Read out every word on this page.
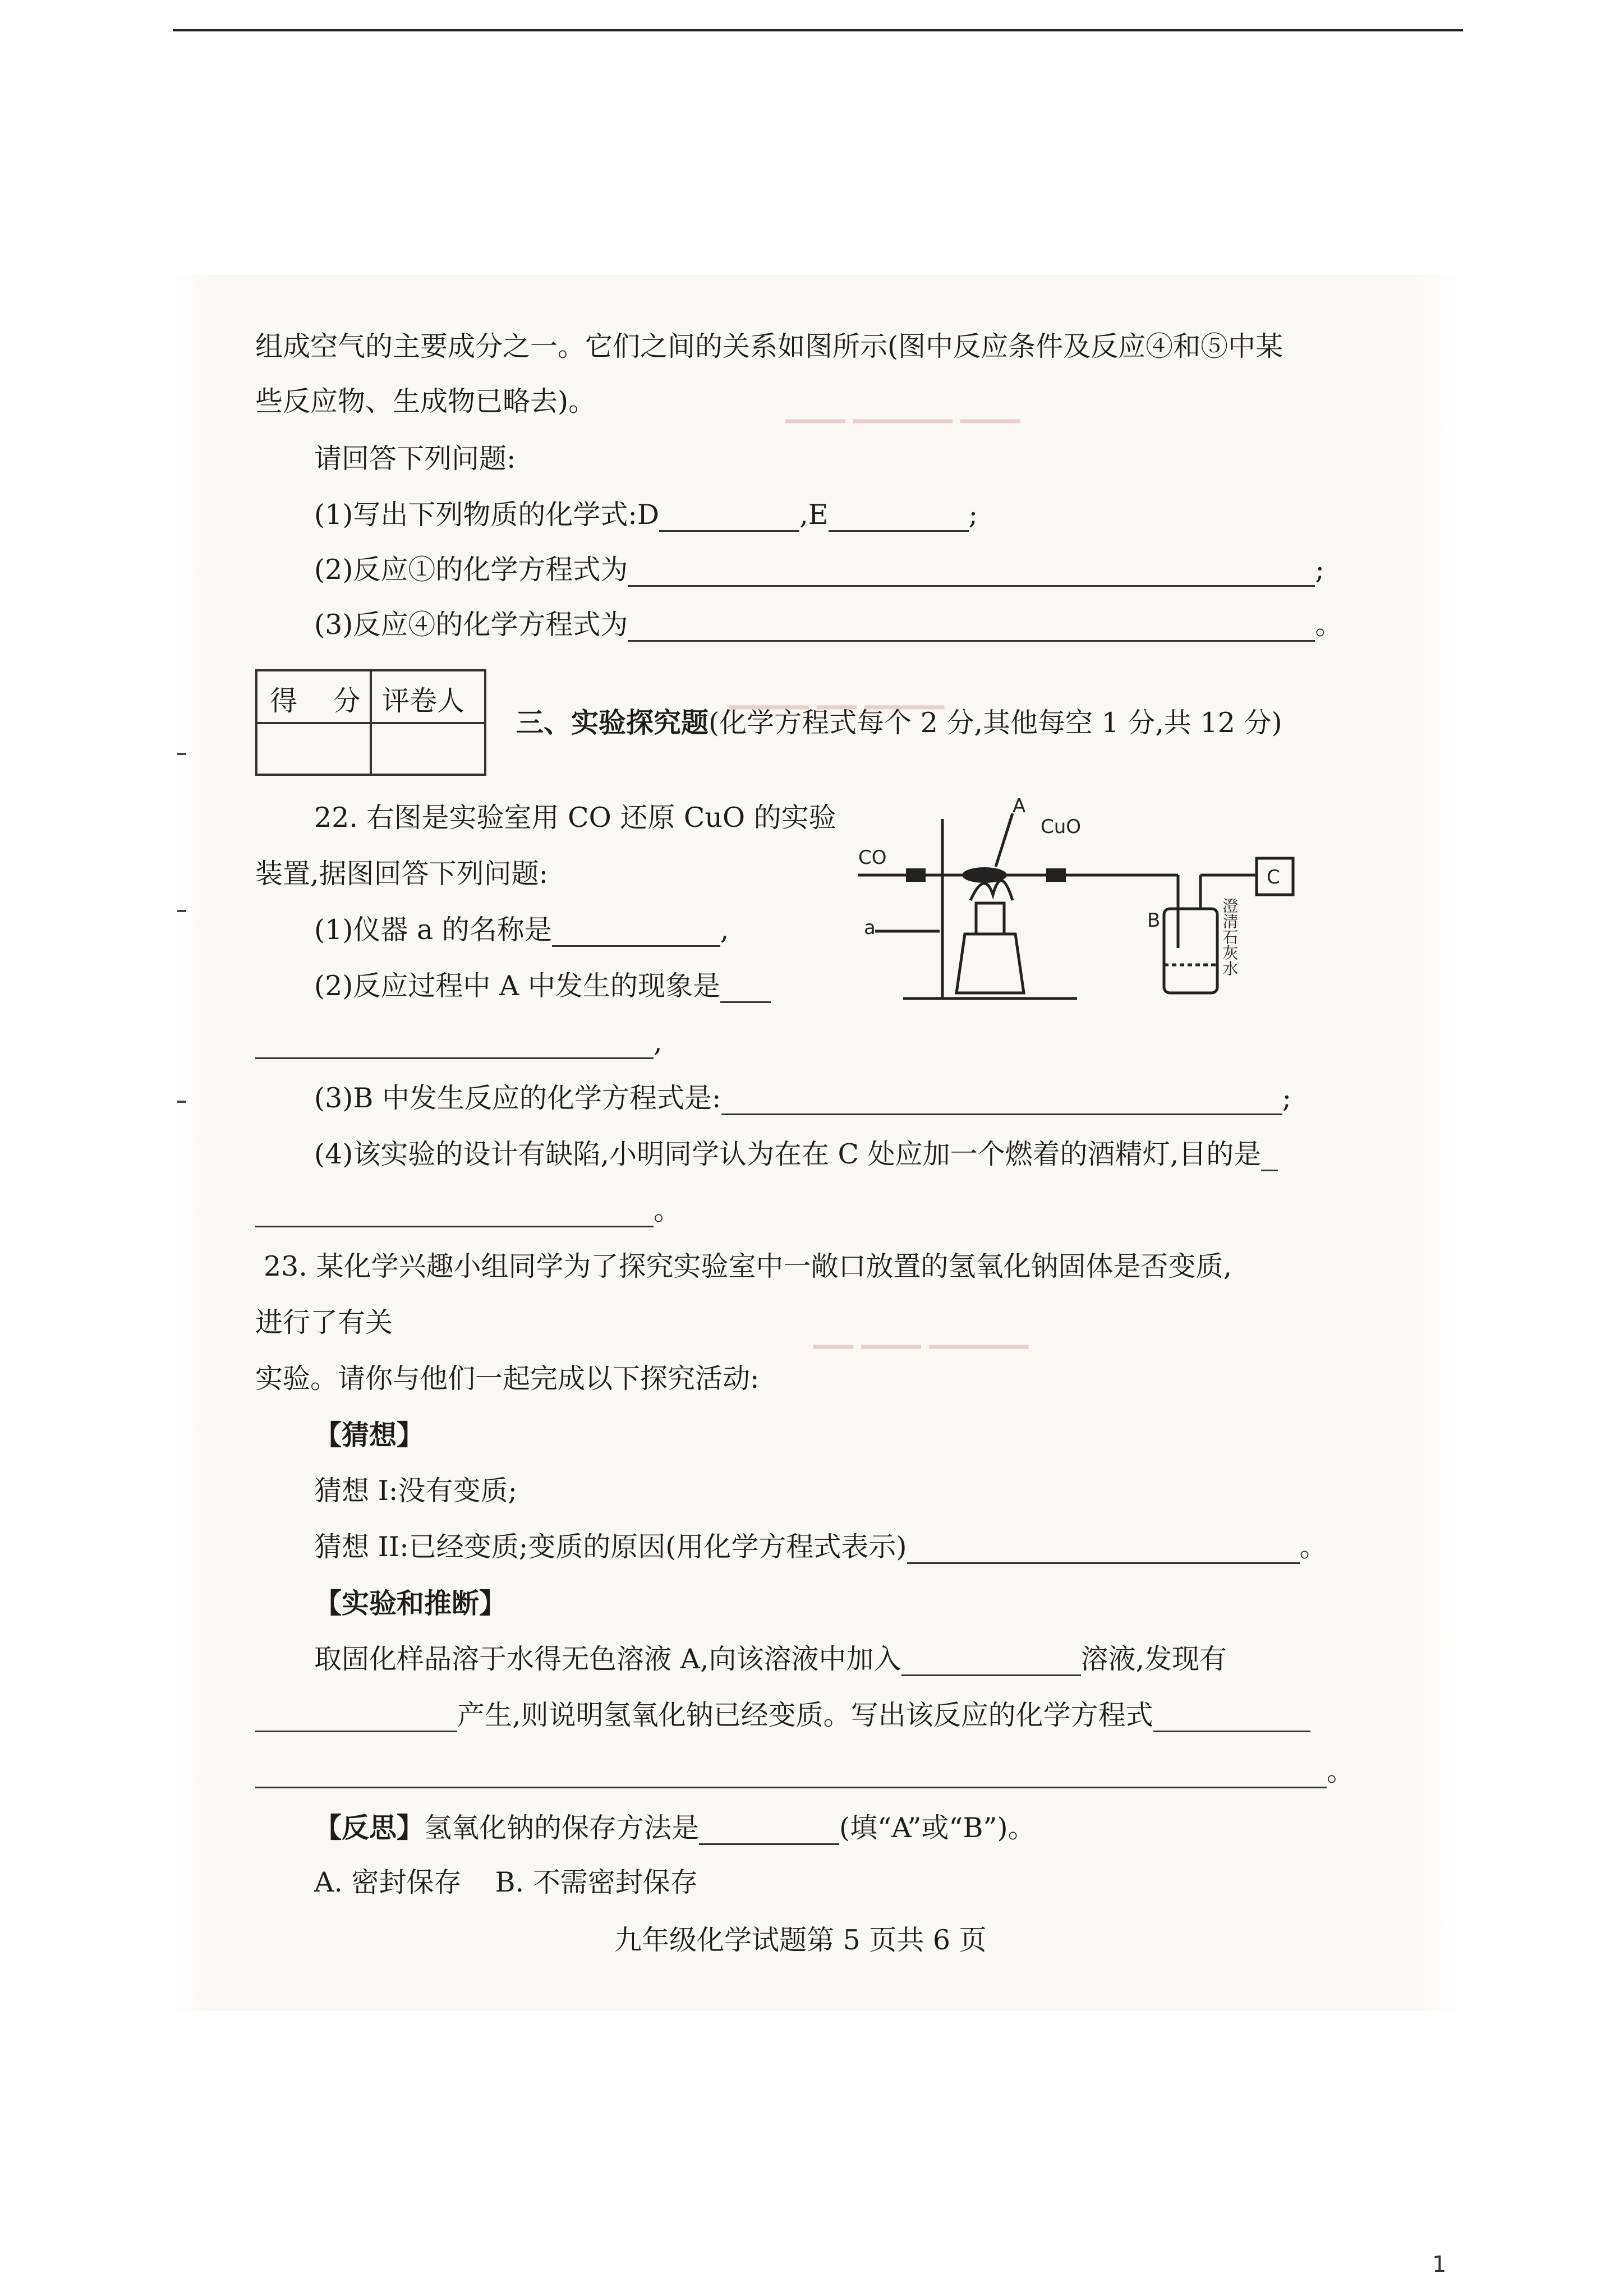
▁▁▁ ▁▁▁▁▁ ▁▁▁
▁▁▁▁ ▁▁ ▁▁▁▁
▁▁▁▁▁ ▁▁▁ ▁▁
组成空气的主要成分之一。它们之间的关系如图所示(图中反应条件及反应④和⑤中某
些反应物、生成物已略去)。
请回答下列问题:
(1)写出下列物质的化学式:D	,E	;
(2)反应①的化学方程式为	;
(3)反应④的化学方程式为	。
得 分 评卷人
三、实验探究题(化学方程式每个 2 分,其他每空 1 分,共 12 分)
22. 右图是实验室用 CO 还原 CuO 的实验
装置,据图回答下列问题:
(1)仪器 a 的名称是	,
(2)反应过程中 A 中发生的现象是
,
(3)B 中发生反应的化学方程式是:	;
(4)该实验的设计有缺陷,小明同学认为在在 C 处应加一个燃着的酒精灯,目的是
。
CO
A
CuO
C
a	B	澄清石灰水
23. 某化学兴趣小组同学为了探究实验室中一敞口放置的氢氧化钠固体是否变质,
进行了有关
实验。请你与他们一起完成以下探究活动:
【猜想】
猜想 I:没有变质;
猜想 II:已经变质;变质的原因(用化学方程式表示)	。
【实验和推断】
取固化样品溶于水得无色溶液 A,向该溶液中加入	溶液,发现有
产生,则说明氢氧化钠已经变质。写出该反应的化学方程式
。
【反思】氢氧化钠的保存方法是	(填“A”或“B”)。
A. 密封保存 B. 不需密封保存
九年级化学试题第 5 页共 6 页
1
